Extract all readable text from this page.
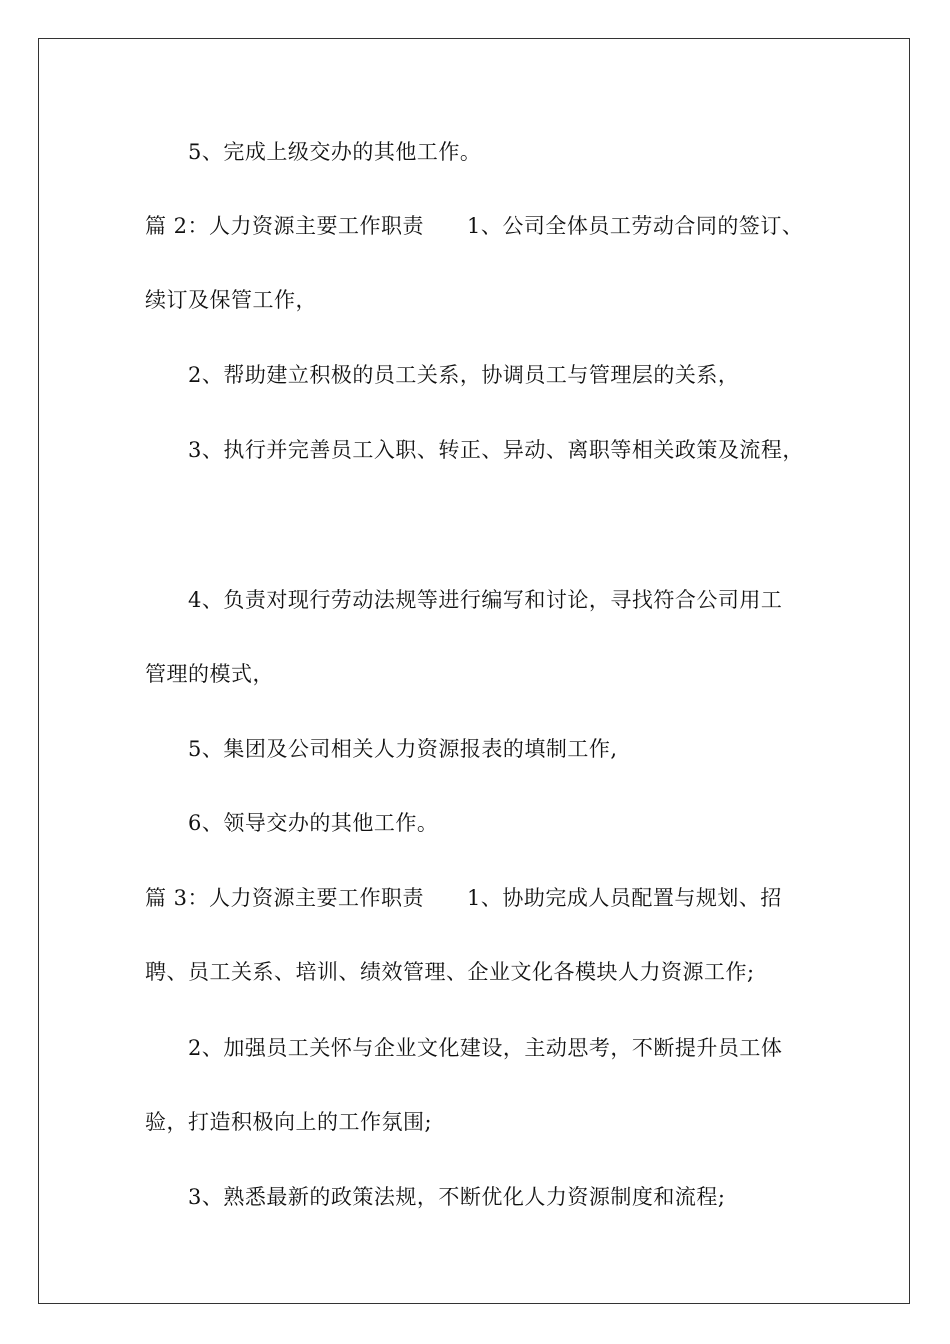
5、完成上级交办的其他工作。
篇 2：人力资源主要工作职责　　1、公司全体员工劳动合同的签订、
续订及保管工作，
2、帮助建立积极的员工关系，协调员工与管理层的关系，
3、执行并完善员工入职、转正、异动、离职等相关政策及流程，
4、负责对现行劳动法规等进行编写和讨论，寻找符合公司用工
管理的模式，
5、集团及公司相关人力资源报表的填制工作,
6、领导交办的其他工作。
篇 3：人力资源主要工作职责　　1、协助完成人员配置与规划、招
聘、员工关系、培训、绩效管理、企业文化各模块人力资源工作;
2、加强员工关怀与企业文化建设，主动思考，不断提升员工体
验，打造积极向上的工作氛围;
3、熟悉最新的政策法规，不断优化人力资源制度和流程;
